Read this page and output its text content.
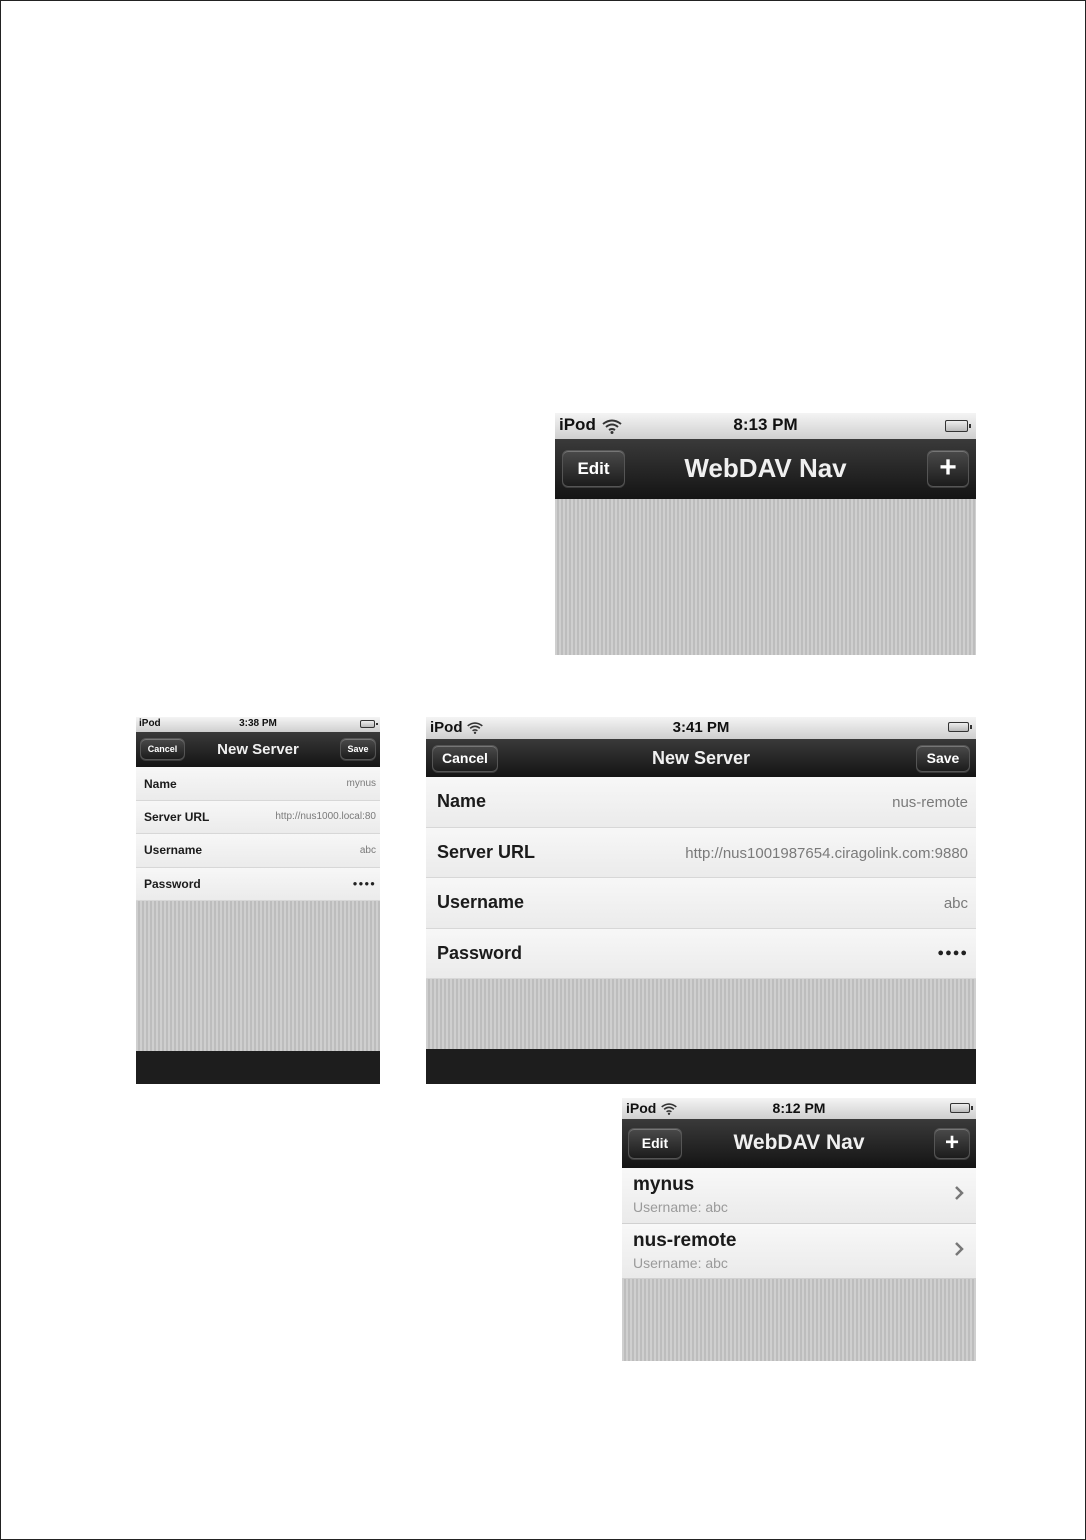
iPod	8:13 PM
Edit	WebDAV Nav	+
iPod	3:38 PM
Cancel	New Server	Save
Name	mynus
Server URL	http://nus1000.local:80
Username	abc
Password	●●●●
iPod	3:41 PM
Cancel	New Server	Save
Name	nus-remote
Server URL	http://nus1001987654.ciragolink.com:9880
Username	abc
Password	●●●●
iPod	8:12 PM
Edit	WebDAV Nav	+
mynus
Username: abc
nus-remote
Username: abc
